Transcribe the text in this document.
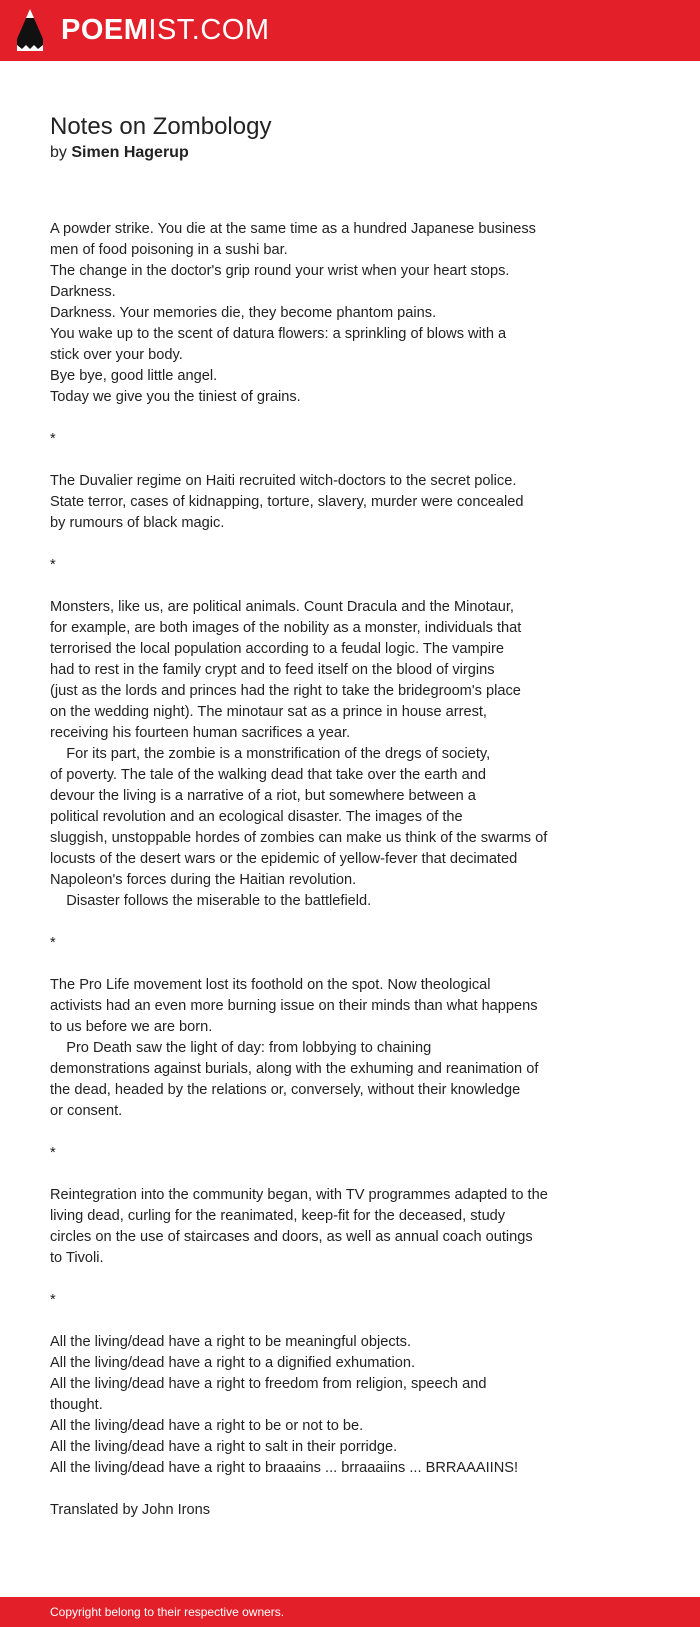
POEMIST.COM
Notes on Zombology

by Simen Hagerup

A powder strike. You die at the same time as a hundred Japanese business
men of food poisoning in a sushi bar.
The change in the doctor's grip round your wrist when your heart stops.
Darkness.
Darkness. Your memories die, they become phantom pains.
You wake up to the scent of datura flowers: a sprinkling of blows with a
stick over your body.
Bye bye, good little angel.
Today we give you the tiniest of grains.
*
The Duvalier regime on Haiti recruited witch-doctors to the secret police.
State terror, cases of kidnapping, torture, slavery, murder were concealed
by rumours of black magic.
*
Monsters, like us, are political animals. Count Dracula and the Minotaur,
for example, are both images of the nobility as a monster, individuals that
terrorised the local population according to a feudal logic. The vampire
had to rest in the family crypt and to feed itself on the blood of virgins
(just as the lords and princes had the right to take the bridegroom's place
on the wedding night). The minotaur sat as a prince in house arrest,
receiving his fourteen human sacrifices a year.
For its part, the zombie is a monstrification of the dregs of society,
of poverty. The tale of the walking dead that take over the earth and
devour the living is a narrative of a riot, but somewhere between a
political revolution and an ecological disaster. The images of the
sluggish, unstoppable hordes of zombies can make us think of the swarms of
locusts of the desert wars or the epidemic of yellow-fever that decimated
Napoleon's forces during the Haitian revolution.
Disaster follows the miserable to the battlefield.
*
The Pro Life movement lost its foothold on the spot. Now theological
activists had an even more burning issue on their minds than what happens
to us before we are born.
Pro Death saw the light of day: from lobbying to chaining
demonstrations against burials, along with the exhuming and reanimation of
the dead, headed by the relations or, conversely, without their knowledge
or consent.
*
Reintegration into the community began, with TV programmes adapted to the
living dead, curling for the reanimated, keep-fit for the deceased, study
circles on the use of staircases and doors, as well as annual coach outings
to Tivoli.
*
All the living/dead have a right to be meaningful objects.
All the living/dead have a right to a dignified exhumation.
All the living/dead have a right to freedom from religion, speech and
thought.
All the living/dead have a right to be or not to be.
All the living/dead have a right to salt in their porridge.
All the living/dead have a right to braaains ... brraaaiins ... BRRAAAIINS!
Translated by John Irons
Copyright belong to their respective owners.
